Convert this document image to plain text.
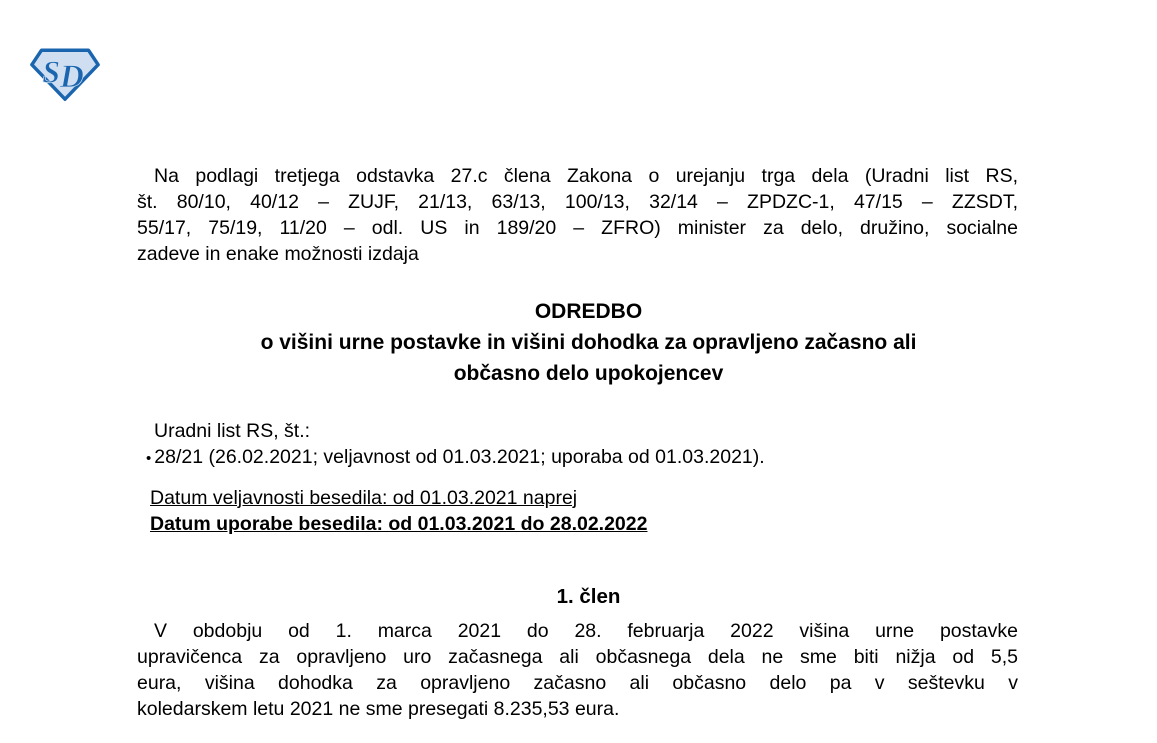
S D
Na podlagi tretjega odstavka 27.c člena Zakona o urejanju trga dela (Uradni list RS,
št. 80/10, 40/12 – ZUJF, 21/13, 63/13, 100/13, 32/14 – ZPDZC-1, 47/15 – ZZSDT,
55/17, 75/19, 11/20 – odl. US in 189/20 – ZFRO) minister za delo, družino, socialne
zadeve in enake možnosti izdaja
ODREDBO
o višini urne postavke in višini dohodka za opravljeno začasno ali
občasno delo upokojencev
Uradni list RS, št.:
• 28/21 (26.02.2021; veljavnost od 01.03.2021; uporaba od 01.03.2021).
Datum veljavnosti besedila: od 01.03.2021 naprej
Datum uporabe besedila: od 01.03.2021 do 28.02.2022
1. člen
V obdobju od 1. marca 2021 do 28. februarja 2022 višina urne postavke
upravičenca za opravljeno uro začasnega ali občasnega dela ne sme biti nižja od 5,5
eura, višina dohodka za opravljeno začasno ali občasno delo pa v seštevku v
koledarskem letu 2021 ne sme presegati 8.235,53 eura.
